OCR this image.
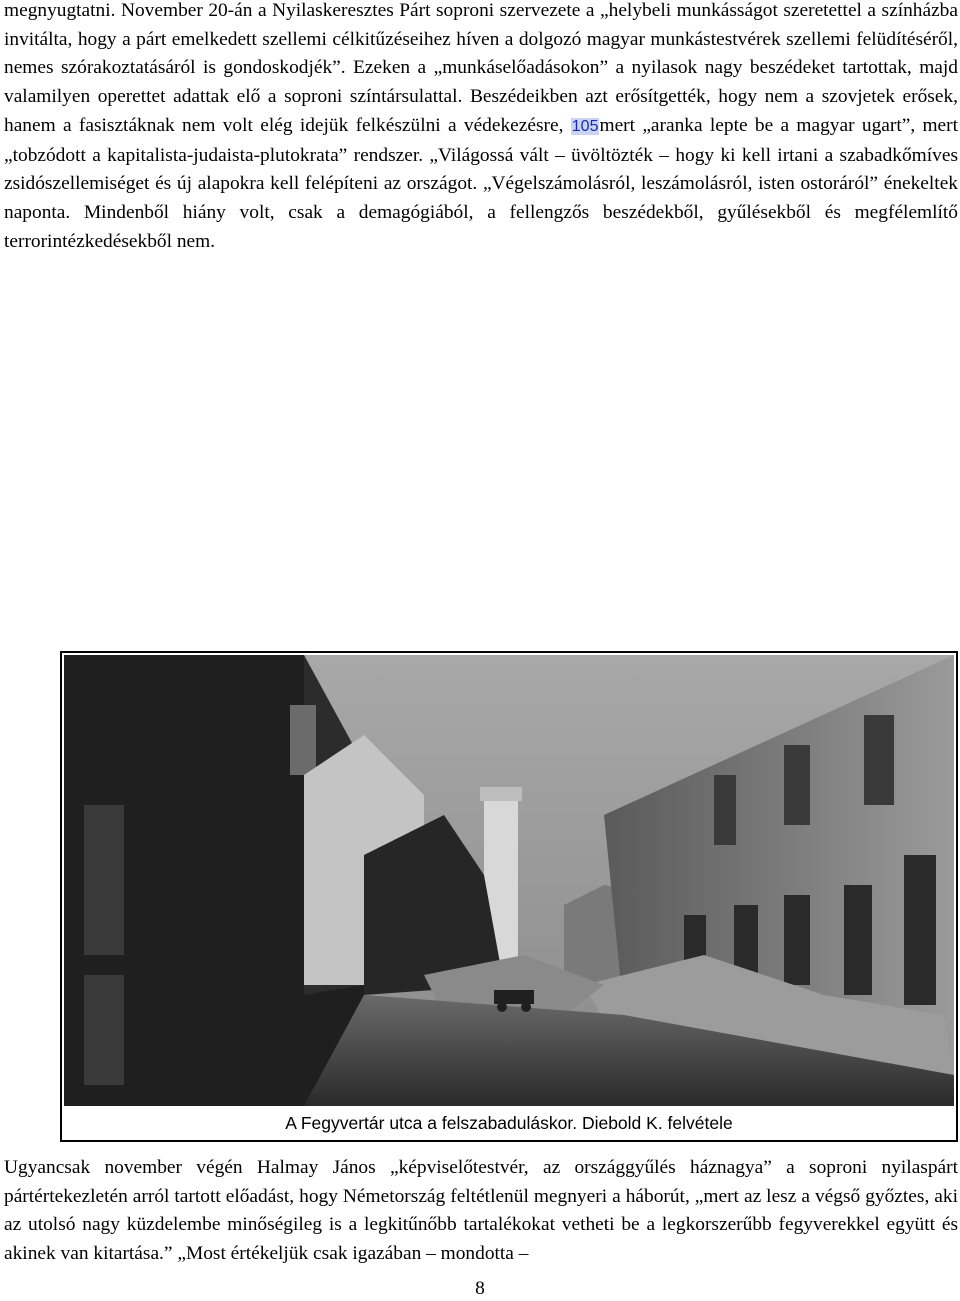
megnyugtatni. November 20-án a Nyilaskeresztes Párt soproni szervezete a „helybeli munkásságot szeretettel a színházba invitálta, hogy a párt emelkedett szellemi célkitűzéseihez híven a dolgozó magyar munkástestvérek szellemi felüdítéséről, nemes szórakoztatásáról is gondoskodjék”. Ezeken a „munkáselőadásokon” a nyilasok nagy beszédeket tartottak, majd valamilyen operettet adattak elő a soproni színtársulattal. Beszédeikben azt erősítgették, hogy nem a szovjetek erősek, hanem a fasisztáknak nem volt elég idejük felkészülni a védekezésre, 105mert „aranka lepte be a magyar ugart”, mert „tobzódott a kapitalista-judaista-plutokrata” rendszer. „Világossá vált – üvöltözték – hogy ki kell irtani a szabadkőmíves zsidószellemiséget és új alapokra kell felépíteni az országot. „Végelszámolásról, leszámolásról, isten ostoráról” énekeltek naponta. Mindenből hiány volt, csak a demagógiából, a fellengzős beszédekből, gyűlésekből és megfélemlítő terrorintézkedésekből nem.

A Fegyvertár utca a felszabaduláskor. Diebold K. felvétele

Ugyancsak november végén Halmay János „képviselőtestvér, az országgyűlés háznagya” a soproni nyilaspárt pártértekezletén arról tartott előadást, hogy Németország feltétlenül megnyeri a háborút, „mert az lesz a végső győztes, aki az utolsó nagy küzdelembe minőségileg is a legkitűnőbb tartalékokat vetheti be a legkorszerűbb fegyverekkel együtt és akinek van kitartása.” „Most értékeljük csak igazában – mondotta –

8
